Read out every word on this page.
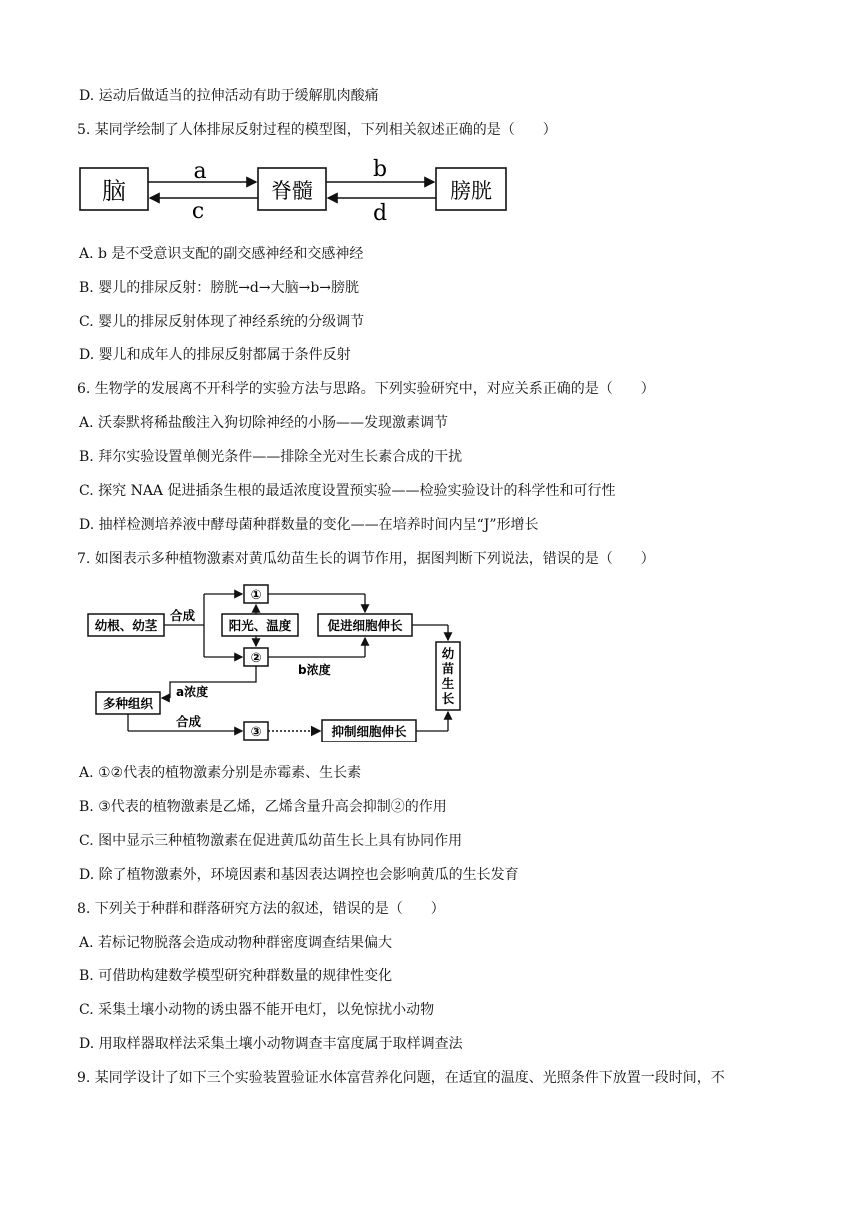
D. 运动后做适当的拉伸活动有助于缓解肌肉酸痛
5. 某同学绘制了人体排尿反射过程的模型图，下列相关叙述正确的是（　　）
脑	脊髓	膀胱
a
c
b
d
A. b 是不受意识支配的副交感神经和交感神经
B. 婴儿的排尿反射：膀胱→d→大脑→b→膀胱
C. 婴儿的排尿反射体现了神经系统的分级调节
D. 婴儿和成年人的排尿反射都属于条件反射
6. 生物学的发展离不开科学的实验方法与思路。下列实验研究中，对应关系正确的是（　　）
A. 沃泰默将稀盐酸注入狗切除神经的小肠——发现激素调节
B. 拜尔实验设置单侧光条件——排除全光对生长素合成的干扰
C. 探究 NAA 促进插条生根的最适浓度设置预实验——检验实验设计的科学性和可行性
D. 抽样检测培养液中酵母菌种群数量的变化——在培养时间内呈“J”形增长
7. 如图表示多种植物激素对黄瓜幼苗生长的调节作用，据图判断下列说法，错误的是（　　）
幼根、幼茎
①
阳光、温度
②
促进细胞伸长
幼
苗
生
长
多种组织
③	抑制细胞伸长
合成
b浓度
a浓度
合成
A. ①②代表的植物激素分别是赤霉素、生长素
B. ③代表的植物激素是乙烯，乙烯含量升高会抑制②的作用
C. 图中显示三种植物激素在促进黄瓜幼苗生长上具有协同作用
D. 除了植物激素外，环境因素和基因表达调控也会影响黄瓜的生长发育
8. 下列关于种群和群落研究方法的叙述，错误的是（　　）
A. 若标记物脱落会造成动物种群密度调查结果偏大
B. 可借助构建数学模型研究种群数量的规律性变化
C. 采集土壤小动物的诱虫器不能开电灯，以免惊扰小动物
D. 用取样器取样法采集土壤小动物调查丰富度属于取样调查法
9. 某同学设计了如下三个实验装置验证水体富营养化问题，在适宜的温度、光照条件下放置一段时间，不
